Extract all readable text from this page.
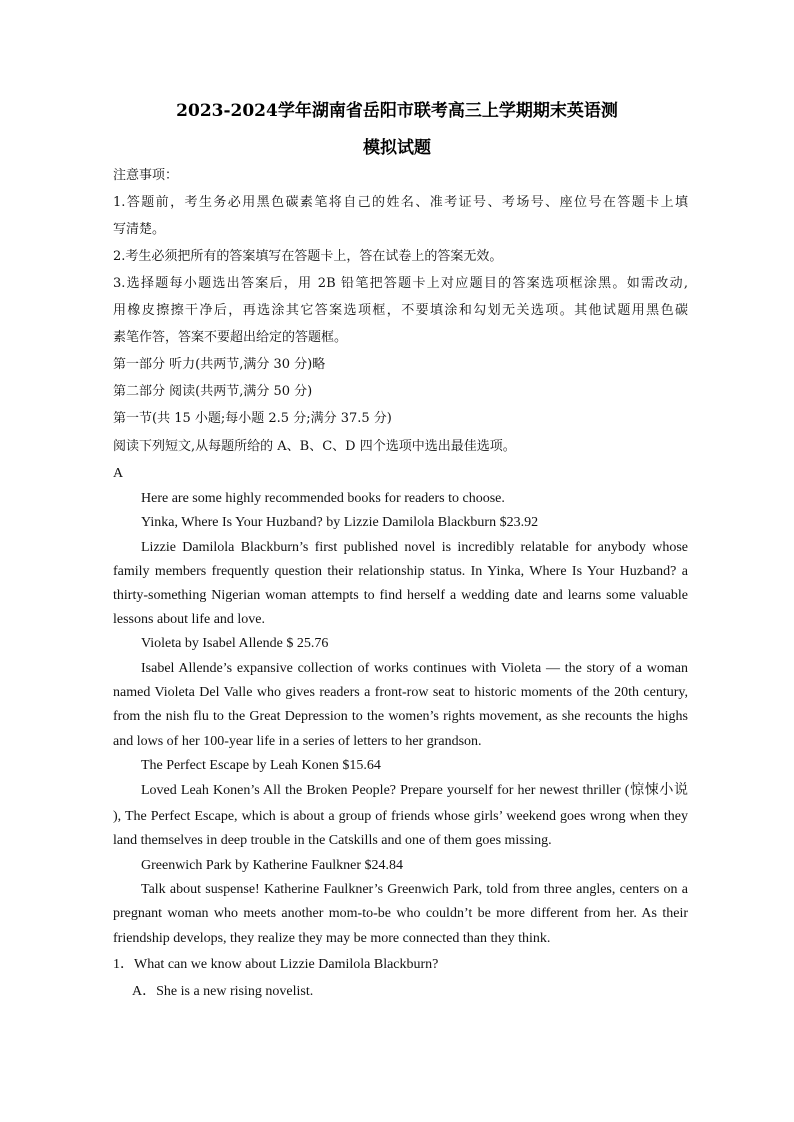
2023-2024学年湖南省岳阳市联考高三上学期期末英语测
模拟试题
注意事项：
1.答题前，考生务必用黑色碳素笔将自己的姓名、准考证号、考场号、座位号在答题卡上填
写清楚。
2.考生必须把所有的答案填写在答题卡上，答在试卷上的答案无效。
3.选择题每小题选出答案后，用 2B 铅笔把答题卡上对应题目的答案选项框涂黑。如需改动,
用橡皮擦擦干净后，再选涂其它答案选项框，不要填涂和勾划无关选项。其他试题用黑色碳
素笔作答，答案不要超出给定的答题框。
第一部分 听力(共两节,满分 30 分)略
第二部分 阅读(共两节,满分 50 分)
第一节(共 15 小题;每小题 2.5 分;满分 37.5 分)
阅读下列短文,从每题所给的 A、B、C、D 四个选项中选出最佳选项。
A
Here are some highly recommended books for readers to choose.
Yinka, Where Is Your Huzband? by Lizzie Damilola Blackburn $23.92
Lizzie Damilola Blackburn’s first published novel is incredibly relatable for anybody whose
family members frequently question their relationship status. In Yinka, Where Is Your Huzband? a
thirty-something Nigerian woman attempts to find herself a wedding date and learns some valuable
lessons about life and love.
Violeta by Isabel Allende $ 25.76
Isabel Allende’s expansive collection of works continues with Violeta — the story of a woman
named Violeta Del Valle who gives readers a front-row seat to historic moments of the 20th century,
from the nish flu to the Great Depression to the women’s rights movement, as she recounts the highs
and lows of her 100-year life in a series of letters to her grandson.
The Perfect Escape by Leah Konen $15.64
Loved Leah Konen’s All the Broken People? Prepare yourself for her newest thriller (惊悚小说
), The Perfect Escape, which is about a group of friends whose girls’ weekend goes wrong when they
land themselves in deep trouble in the Catskills and one of them goes missing.
Greenwich Park by Katherine Faulkner $24.84
Talk about suspense! Katherine Faulkner’s Greenwich Park, told from three angles, centers on a
pregnant woman who meets another mom-to-be who couldn’t be more different from her. As their
friendship develops, they realize they may be more connected than they think.
1．What can we know about Lizzie Damilola Blackburn?
A．She is a new rising novelist.
